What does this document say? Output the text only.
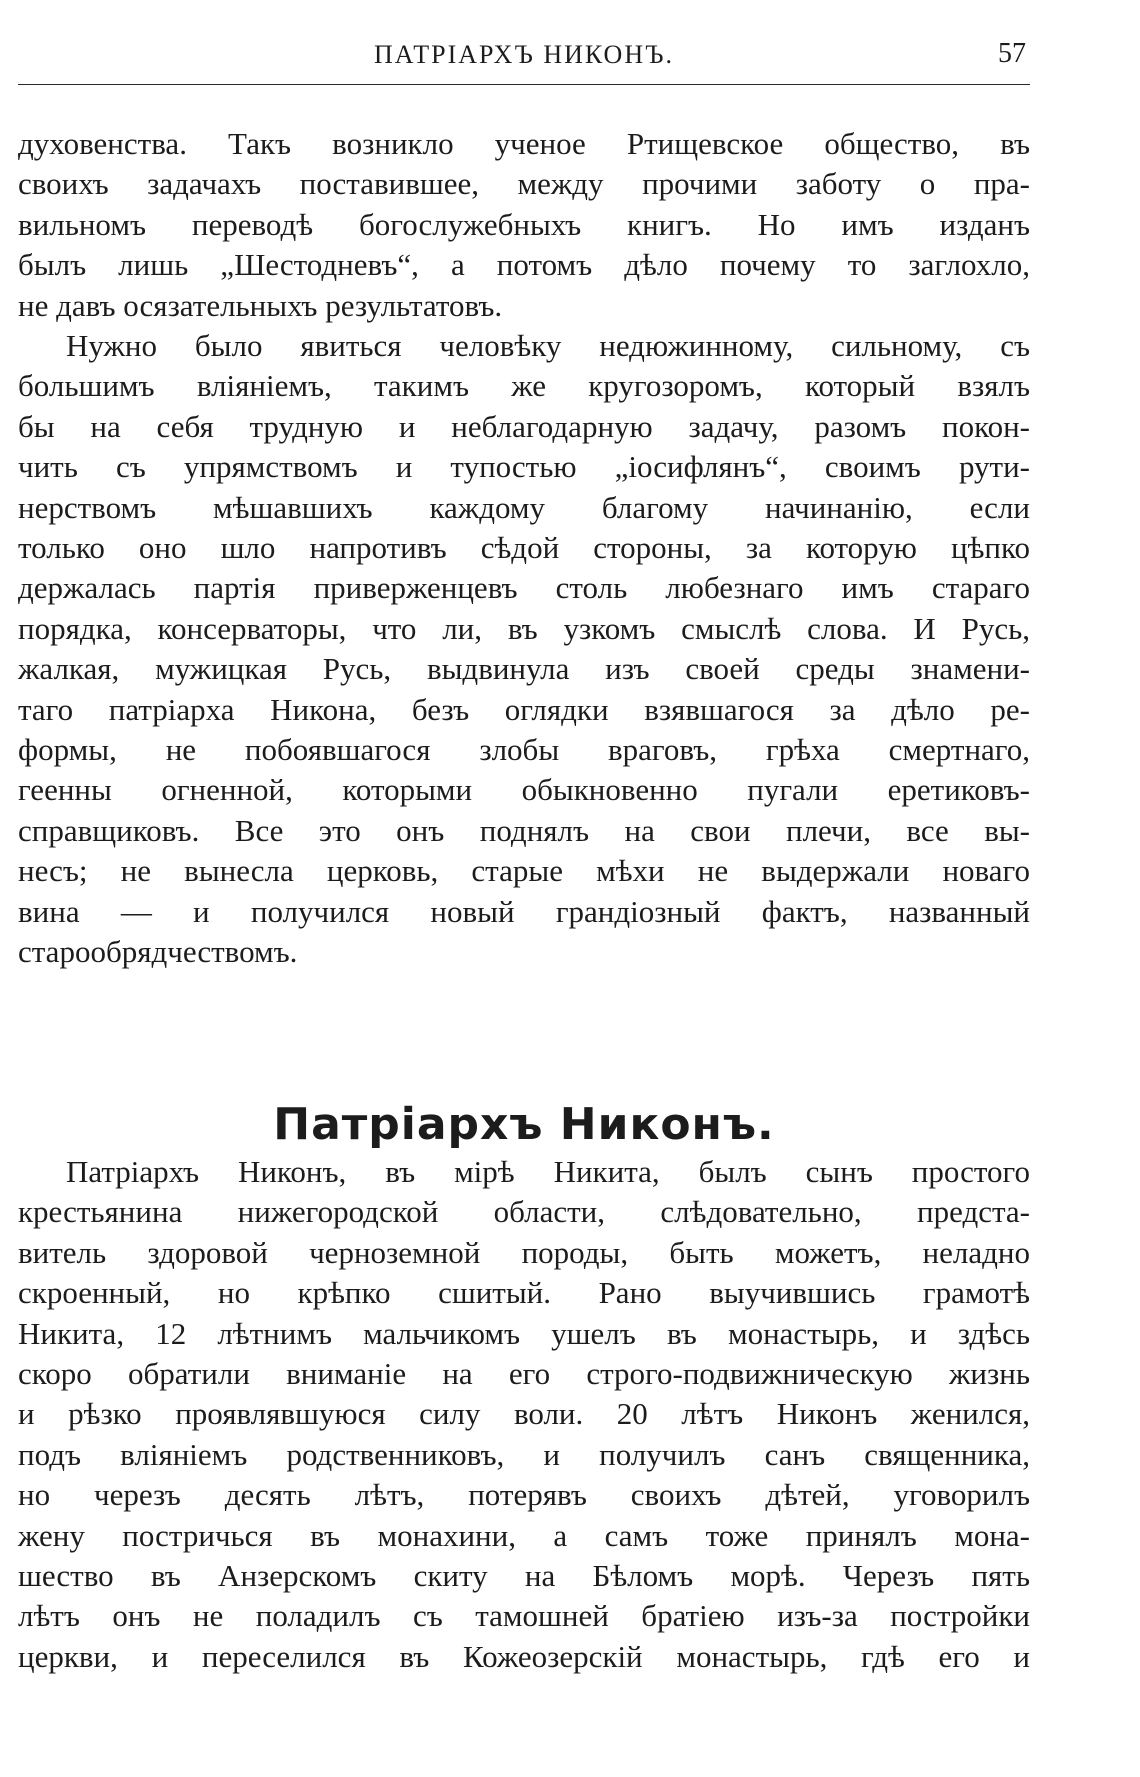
ПАТРІАРХЪ НИКОНЪ.	57

духовенства. Такъ возникло ученое Ртищевское общество, въ
своихъ задачахъ поставившее, между прочими заботу о пра-
вильномъ переводѣ богослужебныхъ книгъ. Но имъ изданъ
былъ лишь „Шестодневъ“, а потомъ дѣло почему то заглохло,
не давъ осязательныхъ результатовъ.

Нужно было явиться человѣку недюжинному, сильному, съ
большимъ вліяніемъ, такимъ же кругозоромъ, который взялъ
бы на себя трудную и неблагодарную задачу, разомъ покон-
чить съ упрямствомъ и тупостью „іосифлянъ“, своимъ рути-
нерствомъ мѣшавшихъ каждому благому начинанію, если
только оно шло напротивъ сѣдой стороны, за которую цѣпко
держалась партія приверженцевъ столь любезнаго имъ стараго
порядка, консерваторы, что ли, въ узкомъ смыслѣ слова. И Русь,
жалкая, мужицкая Русь, выдвинула изъ своей среды знамени-
таго патріарха Никона, безъ оглядки взявшагося за дѣло ре-
формы, не побоявшагося злобы враговъ, грѣха смертнаго,
геенны огненной, которыми обыкновенно пугали еретиковъ-
справщиковъ. Все это онъ поднялъ на свои плечи, все вы-
несъ; не вынесла церковь, старые мѣхи не выдержали новаго
вина — и получился новый грандіозный фактъ, названный
старообрядчествомъ.

Патріархъ Никонъ.

Патріархъ Никонъ, въ мірѣ Никита, былъ сынъ простого
крестьянина нижегородской области, слѣдовательно, предста-
витель здоровой черноземной породы, быть можетъ, неладно
скроенный, но крѣпко сшитый. Рано выучившись грамотѣ
Никита, 12 лѣтнимъ мальчикомъ ушелъ въ монастырь, и здѣсь
скоро обратили вниманіе на его строго-подвижническую жизнь
и рѣзко проявлявшуюся силу воли. 20 лѣтъ Никонъ женился,
подъ вліяніемъ родственниковъ, и получилъ санъ священника,
но черезъ десять лѣтъ, потерявъ своихъ дѣтей, уговорилъ
жену постричься въ монахини, а самъ тоже принялъ мона-
шество въ Анзерскомъ скиту на Бѣломъ морѣ. Черезъ пять
лѣтъ онъ не поладилъ съ тамошней братіею изъ-за постройки
церкви, и переселился въ Кожеозерскій монастырь, гдѣ его и
